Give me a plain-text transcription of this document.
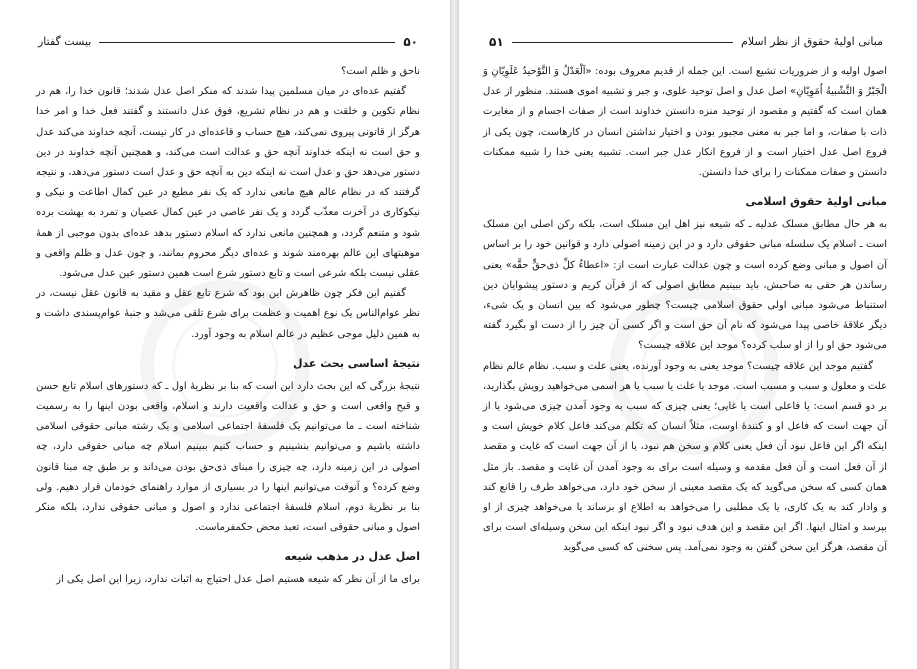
۵۰
بیست گفتار

ناحق و ظلم است؟

گفتیم عده‌ای در میان مسلمین پیدا شدند که منکر اصل عدل شدند؛ قانون خدا را، هم در نظام تکوین و خلقت و هم در نظام تشریع، فوق عدل دانستند و گفتند فعل خدا و امر خدا هرگز از قانونی پیروی نمی‌کند، هیچ حساب و قاعده‌ای در کار نیست، آنچه خداوند می‌کند عدل و حق است نه اینکه خداوند آنچه حق و عدالت است می‌کند، و همچنین آنچه خداوند در دین دستور می‌دهد حق و عدل است نه اینکه دین به آنچه حق و عدل است دستور می‌دهد، و نتیجه گرفتند که در نظام عالم هیچ مانعی ندارد که یک نفر مطیع در عین کمال اطاعت و نیکی و نیکوکاری در آخرت معذّب گردد و یک نفر عاصی در عین کمال عصیان و تمرد به بهشت برده شود و متنعم گردد، و همچنین مانعی ندارد که اسلام دستور بدهد عده‌ای بدون موجبی از همهٔ موهبتهای این عالم بهره‌مند شوند و عده‌ای دیگر محروم بمانند، و چون عدل و ظلم واقعی و عقلی نیست بلکه شرعی است و تابع دستور شرع است همین دستور عین عدل می‌شود.

گفتیم این فکر چون ظاهرش این بود که شرع تابع عقل و مقید به قانون عقل نیست، در نظر عوام‌الناس یک نوع اهمیت و عظمت برای شرع تلقی می‌شد و جنبهٔ عوام‌پسندی داشت و به همین دلیل موجی عظیم در عالم اسلام به وجود آورد.

نتیجهٔ اساسی بحث عدل

نتیجهٔ بزرگی که این بحث دارد این است که بنا بر نظریهٔ اول ـ که دستورهای اسلام تابع حسن و قبح واقعی است و حق و عدالت واقعیت دارند و اسلام، واقعی بودن اینها را به رسمیت شناخته است ـ ما می‌توانیم یک فلسفهٔ اجتماعی اسلامی و یک رشته مبانی حقوقی اسلامی داشته باشیم و می‌توانیم بنشینیم و حساب کنیم ببینیم اسلام چه مبانی حقوقی دارد، چه اصولی در این زمینه دارد، چه چیزی را مبنای ذی‌حق بودن می‌داند و بر طبق چه مبنا قانون وضع کرده؟ و آنوقت می‌توانیم اینها را در بسیاری از موارد راهنمای خودمان قرار دهیم. ولی بنا بر نظریهٔ دوم، اسلام فلسفهٔ اجتماعی ندارد و اصول و مبانی حقوقی ندارد، بلکه منکر اصول و مبانی حقوقی است، تعبد محض حکمفرماست.

اصل عدل در مذهب شیعه

برای ما از آن نظر که شیعه هستیم اصل عدل احتیاج به اثبات ندارد، زیرا این اصل یکی از

مبانی اولیهٔ حقوق از نظر اسلام
۵۱

اصول اولیه و از ضروریات تشیع است. این جمله از قدیم معروف بوده: «اَلْعَدْلُ وَ التَّوْحیدُ عَلَوِیّانِ وَ الْجَبْرُ وَ التَّشْبیهُ اُمَوِیّانِ» اصل عدل و اصل توحید علوی، و جبر و تشبیه اموی هستند. منظور از عدل همان است که گفتیم و مقصود از توحید منزه دانستن خداوند است از صفات اجسام و از مغایرت ذات با صفات، و اما جبر به معنی مجبور بودن و اختیار نداشتن انسان در کارهاست، چون یکی از فروع اصل عدل اختیار است و از فروع انکار عدل جبر است. تشبیه یعنی خدا را شبیه ممکنات دانستن و صفات ممکنات را برای خدا دانستن.

مبانی اولیهٔ حقوق اسلامی

به هر حال مطابق مسلک عدلیه ـ که شیعه نیز اهل این مسلک است، بلکه رکن اصلی این مسلک است ـ اسلام یک سلسله مبانی حقوقی دارد و در این زمینه اصولی دارد و قوانین خود را بر اساس آن اصول و مبانی وضع کرده است و چون عدالت عبارت است از: «اعطاءُ کلِّ ذی‌حقٍّ حقَّه» یعنی رساندن هر حقی به صاحبش، باید ببینیم مطابق اصولی که از قرآن کریم و دستور پیشوایان دین استنباط می‌شود مبانی اولی حقوق اسلامی چیست؟ چطور می‌شود که بین انسان و یک شیء، دیگر علاقهٔ خاصی پیدا می‌شود که نام آن حق است و اگر کسی آن چیز را از دست او بگیرد گفته می‌شود حق او را از او سلب کرده؟ موجد این علاقه چیست؟

گفتیم موجد این علاقه چیست؟ موجد یعنی به وجود آورنده، یعنی علت و سبب. نظام عالم نظام علت و معلول و سبب و مسبب است. موجد یا علت یا سبب یا هر اسمی می‌خواهید رویش بگذارید، بر دو قسم است: یا فاعلی است یا غایی؛ یعنی چیزی که سبب به وجود آمدن چیزی می‌شود یا از آن جهت است که فاعل او و کنندهٔ اوست، مثلاً انسان که تکلم می‌کند فاعل کلام خویش است و اینکه اگر این فاعل نبود آن فعل یعنی کلام و سخن هم نبود، یا از آن جهت است که غایت و مقصد از آن فعل است و آن فعل مقدمه و وسیله است برای به وجود آمدن آن غایت و مقصد. باز مثل همان کسی که سخن می‌گوید که یک مقصد معینی از سخن خود دارد، می‌خواهد طرف را قانع کند و وادار کند به یک کاری، یا یک مطلبی را می‌خواهد به اطلاع او برساند یا می‌خواهد چیزی از او بپرسد و امثال اینها. اگر این مقصد و این هدف نبود و اگر نبود اینکه این سخن وسیله‌ای است برای آن مقصد، هرگز این سخن گفتن به وجود نمی‌آمد. پس سخنی که کسی می‌گوید
